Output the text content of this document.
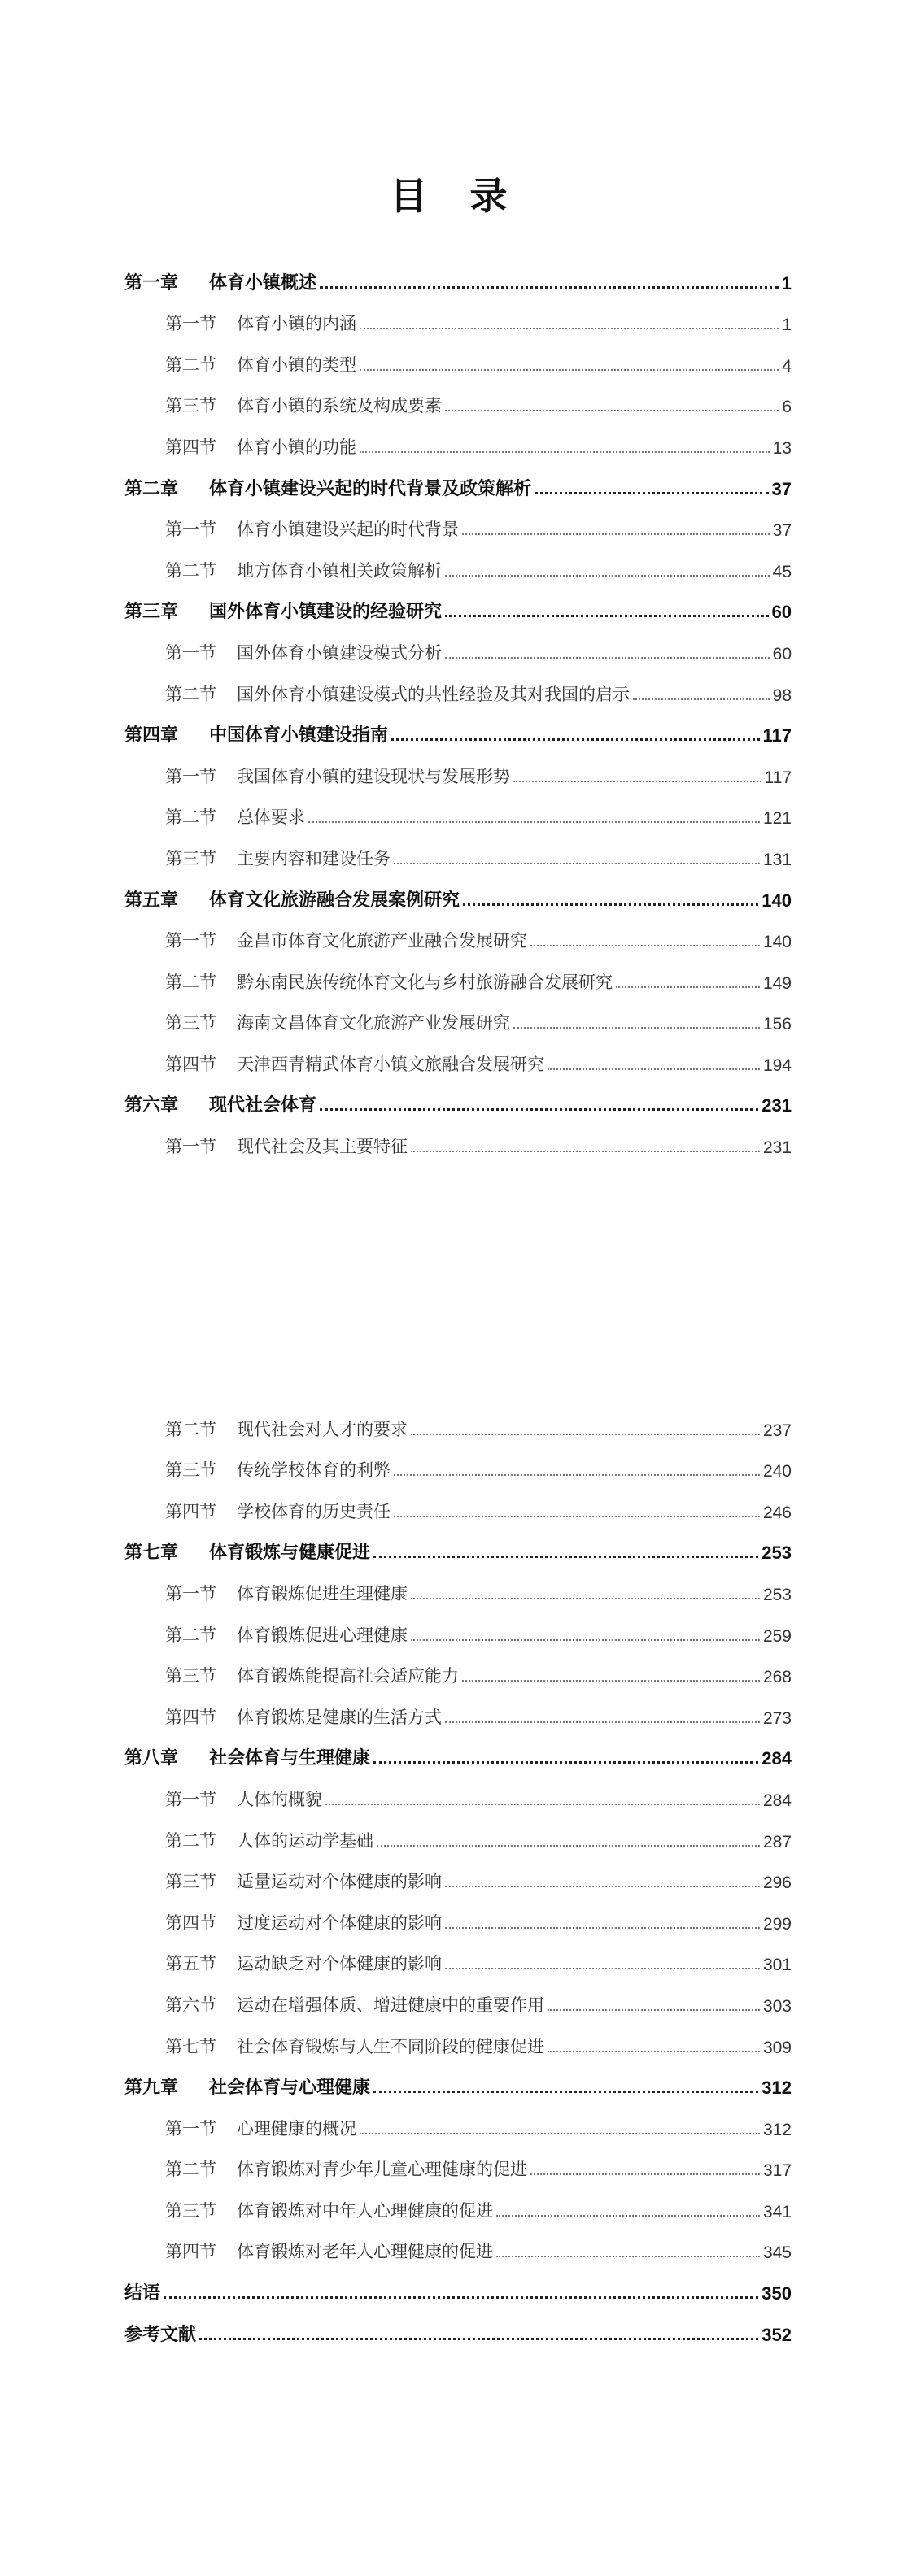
目 录
第一章 体育小镇概述	1
第一节 体育小镇的内涵	1
第二节 体育小镇的类型	4
第三节 体育小镇的系统及构成要素	6
第四节 体育小镇的功能	13
第二章 体育小镇建设兴起的时代背景及政策解析	37
第一节 体育小镇建设兴起的时代背景	37
第二节 地方体育小镇相关政策解析	45
第三章 国外体育小镇建设的经验研究	60
第一节 国外体育小镇建设模式分析	60
第二节 国外体育小镇建设模式的共性经验及其对我国的启示	98
第四章 中国体育小镇建设指南	117
第一节 我国体育小镇的建设现状与发展形势	117
第二节 总体要求	121
第三节 主要内容和建设任务	131
第五章 体育文化旅游融合发展案例研究	140
第一节 金昌市体育文化旅游产业融合发展研究	140
第二节 黔东南民族传统体育文化与乡村旅游融合发展研究	149
第三节 海南文昌体育文化旅游产业发展研究	156
第四节 天津西青精武体育小镇文旅融合发展研究	194
第六章 现代社会体育	231
第一节 现代社会及其主要特征	231
第二节 现代社会对人才的要求	237
第三节 传统学校体育的利弊	240
第四节 学校体育的历史责任	246
第七章 体育锻炼与健康促进	253
第一节 体育锻炼促进生理健康	253
第二节 体育锻炼促进心理健康	259
第三节 体育锻炼能提高社会适应能力	268
第四节 体育锻炼是健康的生活方式	273
第八章 社会体育与生理健康	284
第一节 人体的概貌	284
第二节 人体的运动学基础	287
第三节 适量运动对个体健康的影响	296
第四节 过度运动对个体健康的影响	299
第五节 运动缺乏对个体健康的影响	301
第六节 运动在增强体质、增进健康中的重要作用	303
第七节 社会体育锻炼与人生不同阶段的健康促进	309
第九章 社会体育与心理健康	312
第一节 心理健康的概况	312
第二节 体育锻炼对青少年儿童心理健康的促进	317
第三节 体育锻炼对中年人心理健康的促进	341
第四节 体育锻炼对老年人心理健康的促进	345
结语	350
参考文献	352
